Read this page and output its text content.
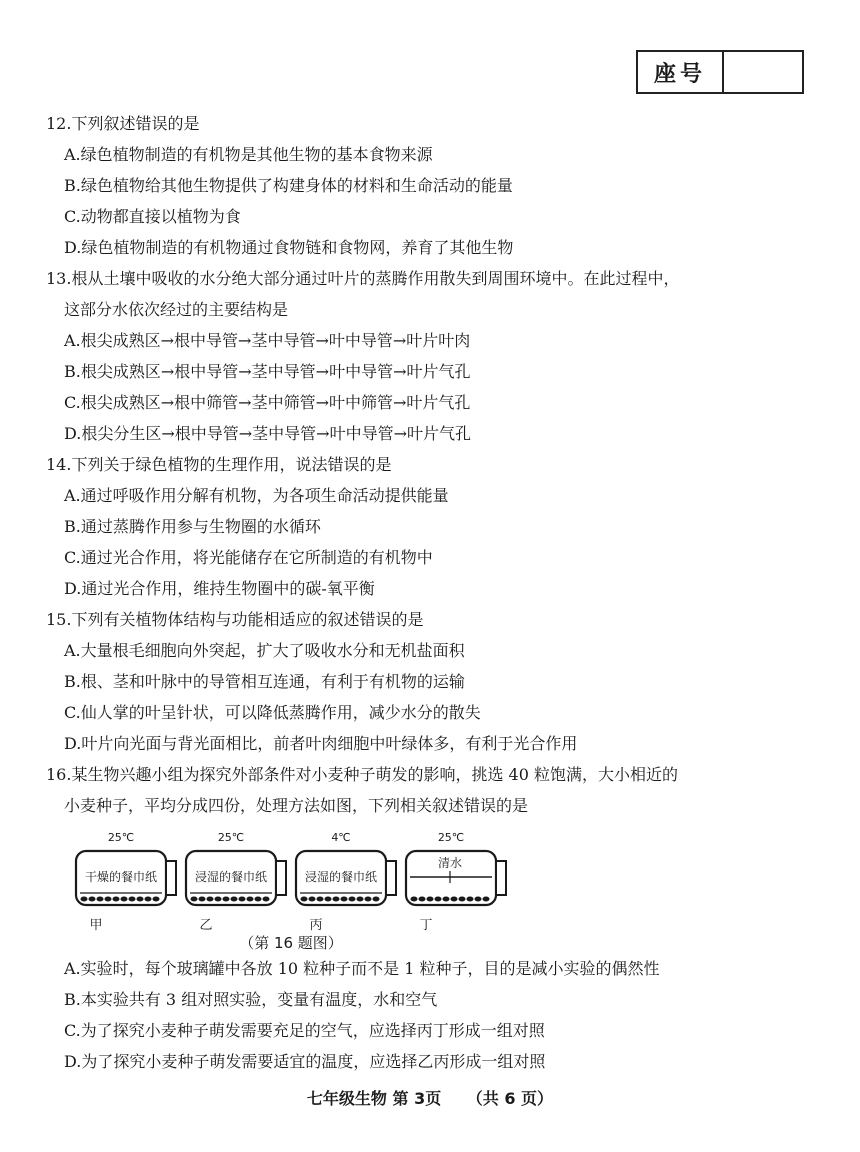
座号

12.下列叙述错误的是

A.绿色植物制造的有机物是其他生物的基本食物来源

B.绿色植物给其他生物提供了构建身体的材料和生命活动的能量

C.动物都直接以植物为食

D.绿色植物制造的有机物通过食物链和食物网，养育了其他生物

13.根从土壤中吸收的水分绝大部分通过叶片的蒸腾作用散失到周围环境中。在此过程中，

这部分水依次经过的主要结构是

A.根尖成熟区→根中导管→茎中导管→叶中导管→叶片叶肉

B.根尖成熟区→根中导管→茎中导管→叶中导管→叶片气孔

C.根尖成熟区→根中筛管→茎中筛管→叶中筛管→叶片气孔

D.根尖分生区→根中导管→茎中导管→叶中导管→叶片气孔

14.下列关于绿色植物的生理作用，说法错误的是

A.通过呼吸作用分解有机物，为各项生命活动提供能量

B.通过蒸腾作用参与生物圈的水循环

C.通过光合作用，将光能储存在它所制造的有机物中

D.通过光合作用，维持生物圈中的碳-氧平衡

15.下列有关植物体结构与功能相适应的叙述错误的是

A.大量根毛细胞向外突起，扩大了吸收水分和无机盐面积

B.根、茎和叶脉中的导管相互连通，有利于有机物的运输

C.仙人掌的叶呈针状，可以降低蒸腾作用，减少水分的散失

D.叶片向光面与背光面相比，前者叶肉细胞中叶绿体多，有利于光合作用

16.某生物兴趣小组为探究外部条件对小麦种子萌发的影响，挑选 40 粒饱满，大小相近的

小麦种子，平均分成四份，处理方法如图，下列相关叙述错误的是

25℃
干燥的餐巾纸
甲
25℃
浸湿的餐巾纸
乙
4℃
浸湿的餐巾纸
丙
25℃
清水
丁
（第 16 题图）

A.实验时，每个玻璃罐中各放 10 粒种子而不是 1 粒种子，目的是减小实验的偶然性

B.本实验共有 3 组对照实验，变量有温度，水和空气

C.为了探究小麦种子萌发需要充足的空气，应选择丙丁形成一组对照

D.为了探究小麦种子萌发需要适宜的温度，应选择乙丙形成一组对照

七年级生物 第 3页 （共 6 页）
